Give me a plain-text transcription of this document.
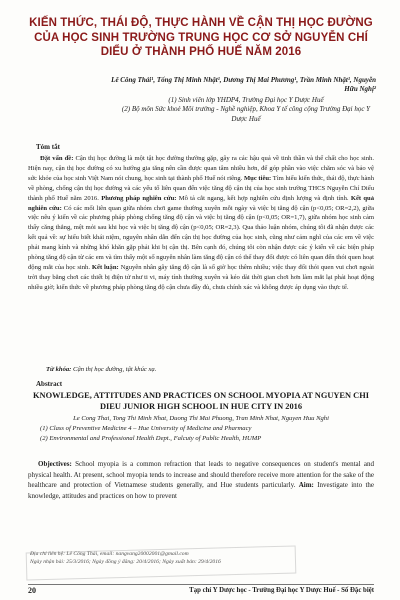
KIẾN THỨC, THÁI ĐỘ, THỰC HÀNH VỀ CẬN THỊ HỌC ĐƯỜNG CỦA HỌC SINH TRƯỜNG TRUNG HỌC CƠ SỞ NGUYỄN CHÍ DIỂU Ở THÀNH PHỐ HUẾ NĂM 2016
Lê Công Thái¹, Tống Thị Minh Nhật¹, Dương Thị Mai Phương¹, Trần Minh Nhật¹, Nguyễn Hữu Nghị²
(1) Sinh viên lớp YHDP4, Trường Đại học Y Dược Huế
(2) Bộ môn Sức khoẻ Môi trường - Nghề nghiệp, Khoa Y tế công cộng Trường Đại học Y Dược Huế
Tóm tắt
Đặt vấn đề: Cận thị học đường là một tật học đường thường gặp, gây ra các hậu quả về tinh thần và thể chất cho học sinh. Hiện nay, cận thị học đường có xu hướng gia tăng nên cần được quan tâm nhiều hơn, để góp phần vào việc chăm sóc và bảo vệ sức khỏe của học sinh Việt Nam nói chung, học sinh tại thành phố Huế nói riêng. Mục tiêu: Tìm hiểu kiến thức, thái độ, thực hành về phòng, chống cận thị học đường và các yếu tố liên quan đến việc tăng độ cận thị của học sinh trường THCS Nguyễn Chí Diểu thành phố Huế năm 2016. Phương pháp nghiên cứu: Mô tả cắt ngang, kết hợp nghiên cứu định lượng và định tính. Kết quả nghiên cứu: Có các mối liên quan giữa nhóm chơi game thường xuyên mỗi ngày và việc bị tăng độ cận (p<0,05; OR=2,2), giữa việc nêu ý kiến về các phương pháp phòng chống tăng độ cận và việc bị tăng độ cận (p<0,05; OR=1,7), giữa nhóm học sinh cảm thấy căng thẳng, mệt mỏi sau khi học và việc bị tăng độ cận (p<0,05; OR=2,3). Qua thảo luận nhóm, chúng tôi đã nhận được các kết quả về: sự hiểu biết khái niệm, nguyên nhân dẫn đến cận thị học đường của học sinh, cũng như cảm nghĩ của các em về việc phải mang kính và những khó khăn gặp phải khi bị cận thị. Bên cạnh đó, chúng tôi còn nhận được các ý kiến về các biện pháp phòng tăng độ cận từ các em và tìm thấy một số nguyên nhân làm tăng độ cận có thể thay đổi được có liên quan đến thói quen hoạt động mắt của học sinh. Kết luận: Nguyên nhân gây tăng độ cận là số giờ học thêm nhiều; việc thay đổi thói quen vui chơi ngoài trời thay bằng chơi các thiết bị điện tử như ti vi, máy tính thường xuyên và kéo dài thời gian chơi hơn làm mắt lại phải hoạt động nhiều giờ; kiến thức về phương pháp phòng tăng độ cận chưa đầy đủ, chưa chính xác và không được áp dụng vào thực tế.
Từ khóa: Cận thị học đường, tật khúc xạ.
Abstract
KNOWLEDGE, ATTITUDES AND PRACTICES ON SCHOOL MYOPIA AT NGUYEN CHI DIEU JUNIOR HIGH SCHOOL IN HUE CITY IN 2016
Le Cong Thai, Tong Thi Minh Nhat, Duong Thi Mai Phuong, Tran Minh Nhat, Nguyen Huu Nghi
(1) Class of Preventive Medicine 4 – Hue University of Medicine and Pharmacy
(2) Environmental and Professional Health Dept., Falcuty of Public Health, HUMP
Objectives: School myopia is a common refraction that leads to negative consequences on student's mental and physical health. At present, school myopia tends to increase and should therefore receive more attention for the sake of the healthcare and protection of Vietnamese students generally, and Hue students particularly. Aim: Investigate into the knowledge, attitudes and practices on how to prevent
Địa chỉ liên hệ: Lê Công Thái, email: nangvang20002001@gmail.com
Ngày nhận bài: 25/3/2016; Ngày đồng ý đăng: 20/4/2016; Ngày xuất bản: 29/4/2016
20	Tạp chí Y Dược học - Trường Đại học Y Dược Huế - Số Đặc biệt
